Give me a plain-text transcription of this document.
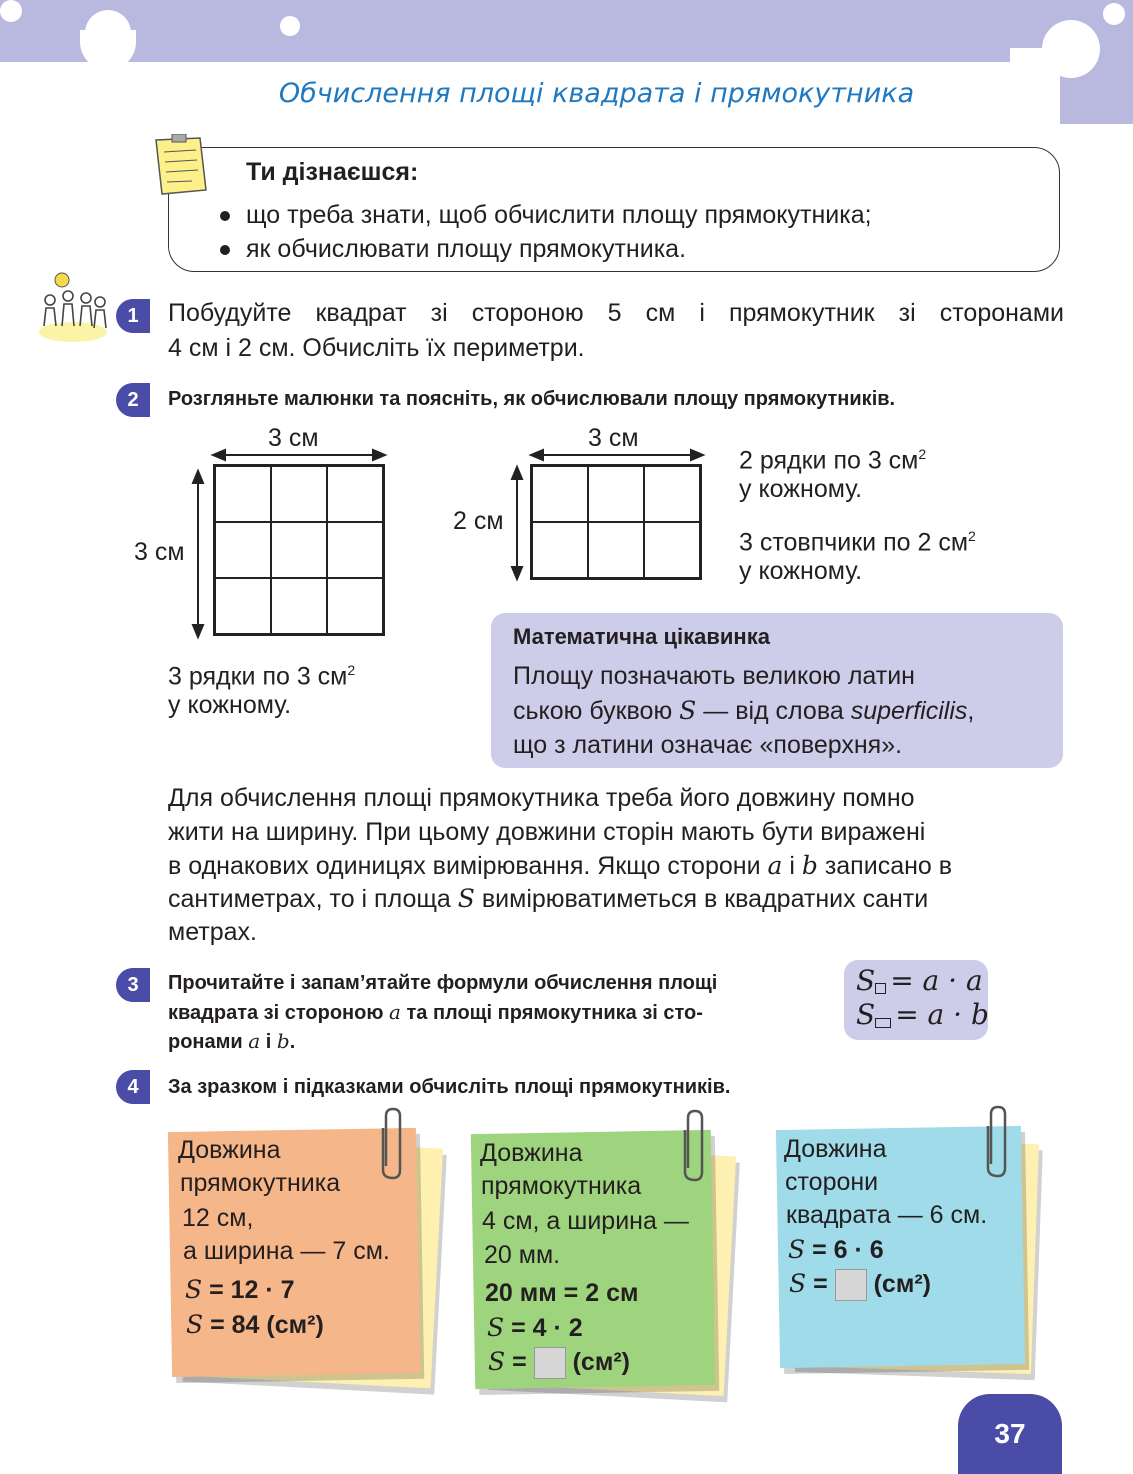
Обчислення площі квадрата і прямокутника
Ти дізнаєшся:
що треба знати, щоб обчислити площу прямокутника;
як обчислювати площу прямокутника.
1	Побудуйте квадрат зі стороною 5 см і прямокутник зі сторонами
4 см і 2 см. Обчисліть їх периметри.
2	Розгляньте малюнки та поясніть, як обчислювали площу прямокутників.
3 см
3 см
3 рядки по 3 $см^2$
у кожному.
3 см
2 см
2 рядки по 3 $см^2$
у кожному.
3 стовпчики по 2 $см^2$
у кожному.
Математична цікавинка
Площу позначають великою латин
ською буквою S — від слова superficilis,
що з латини означає «поверхня».
Для обчислення площі прямокутника треба його довжину помно
жити на ширину. При цьому довжини сторін мають бути виражені
в однакових одиницях вимірювання. Якщо сторони a і b записано в
сантиметрах, то і площа S вимірюватиметься в квадратних санти
метрах.
3	Прочитайте і запам’ятайте формули обчислення площі
квадрата зі стороною a та площі прямокутника зі сто-
ронами a і b.
S = a · a
S = a · b
4	За зразком і підказками обчисліть площі прямокутників.
Довжина
прямокутника
12 см,
а ширина — 7 см.
S = 12 · 7
S = 84 (см²)
Довжина
прямокутника
4 см, а ширина —
20 мм.
20 мм = 2 см
S = 4 · 2
S =  (см²)
Довжина
сторони
квадрата — 6 см.
S = 6 · 6
S =  (см²)
37
